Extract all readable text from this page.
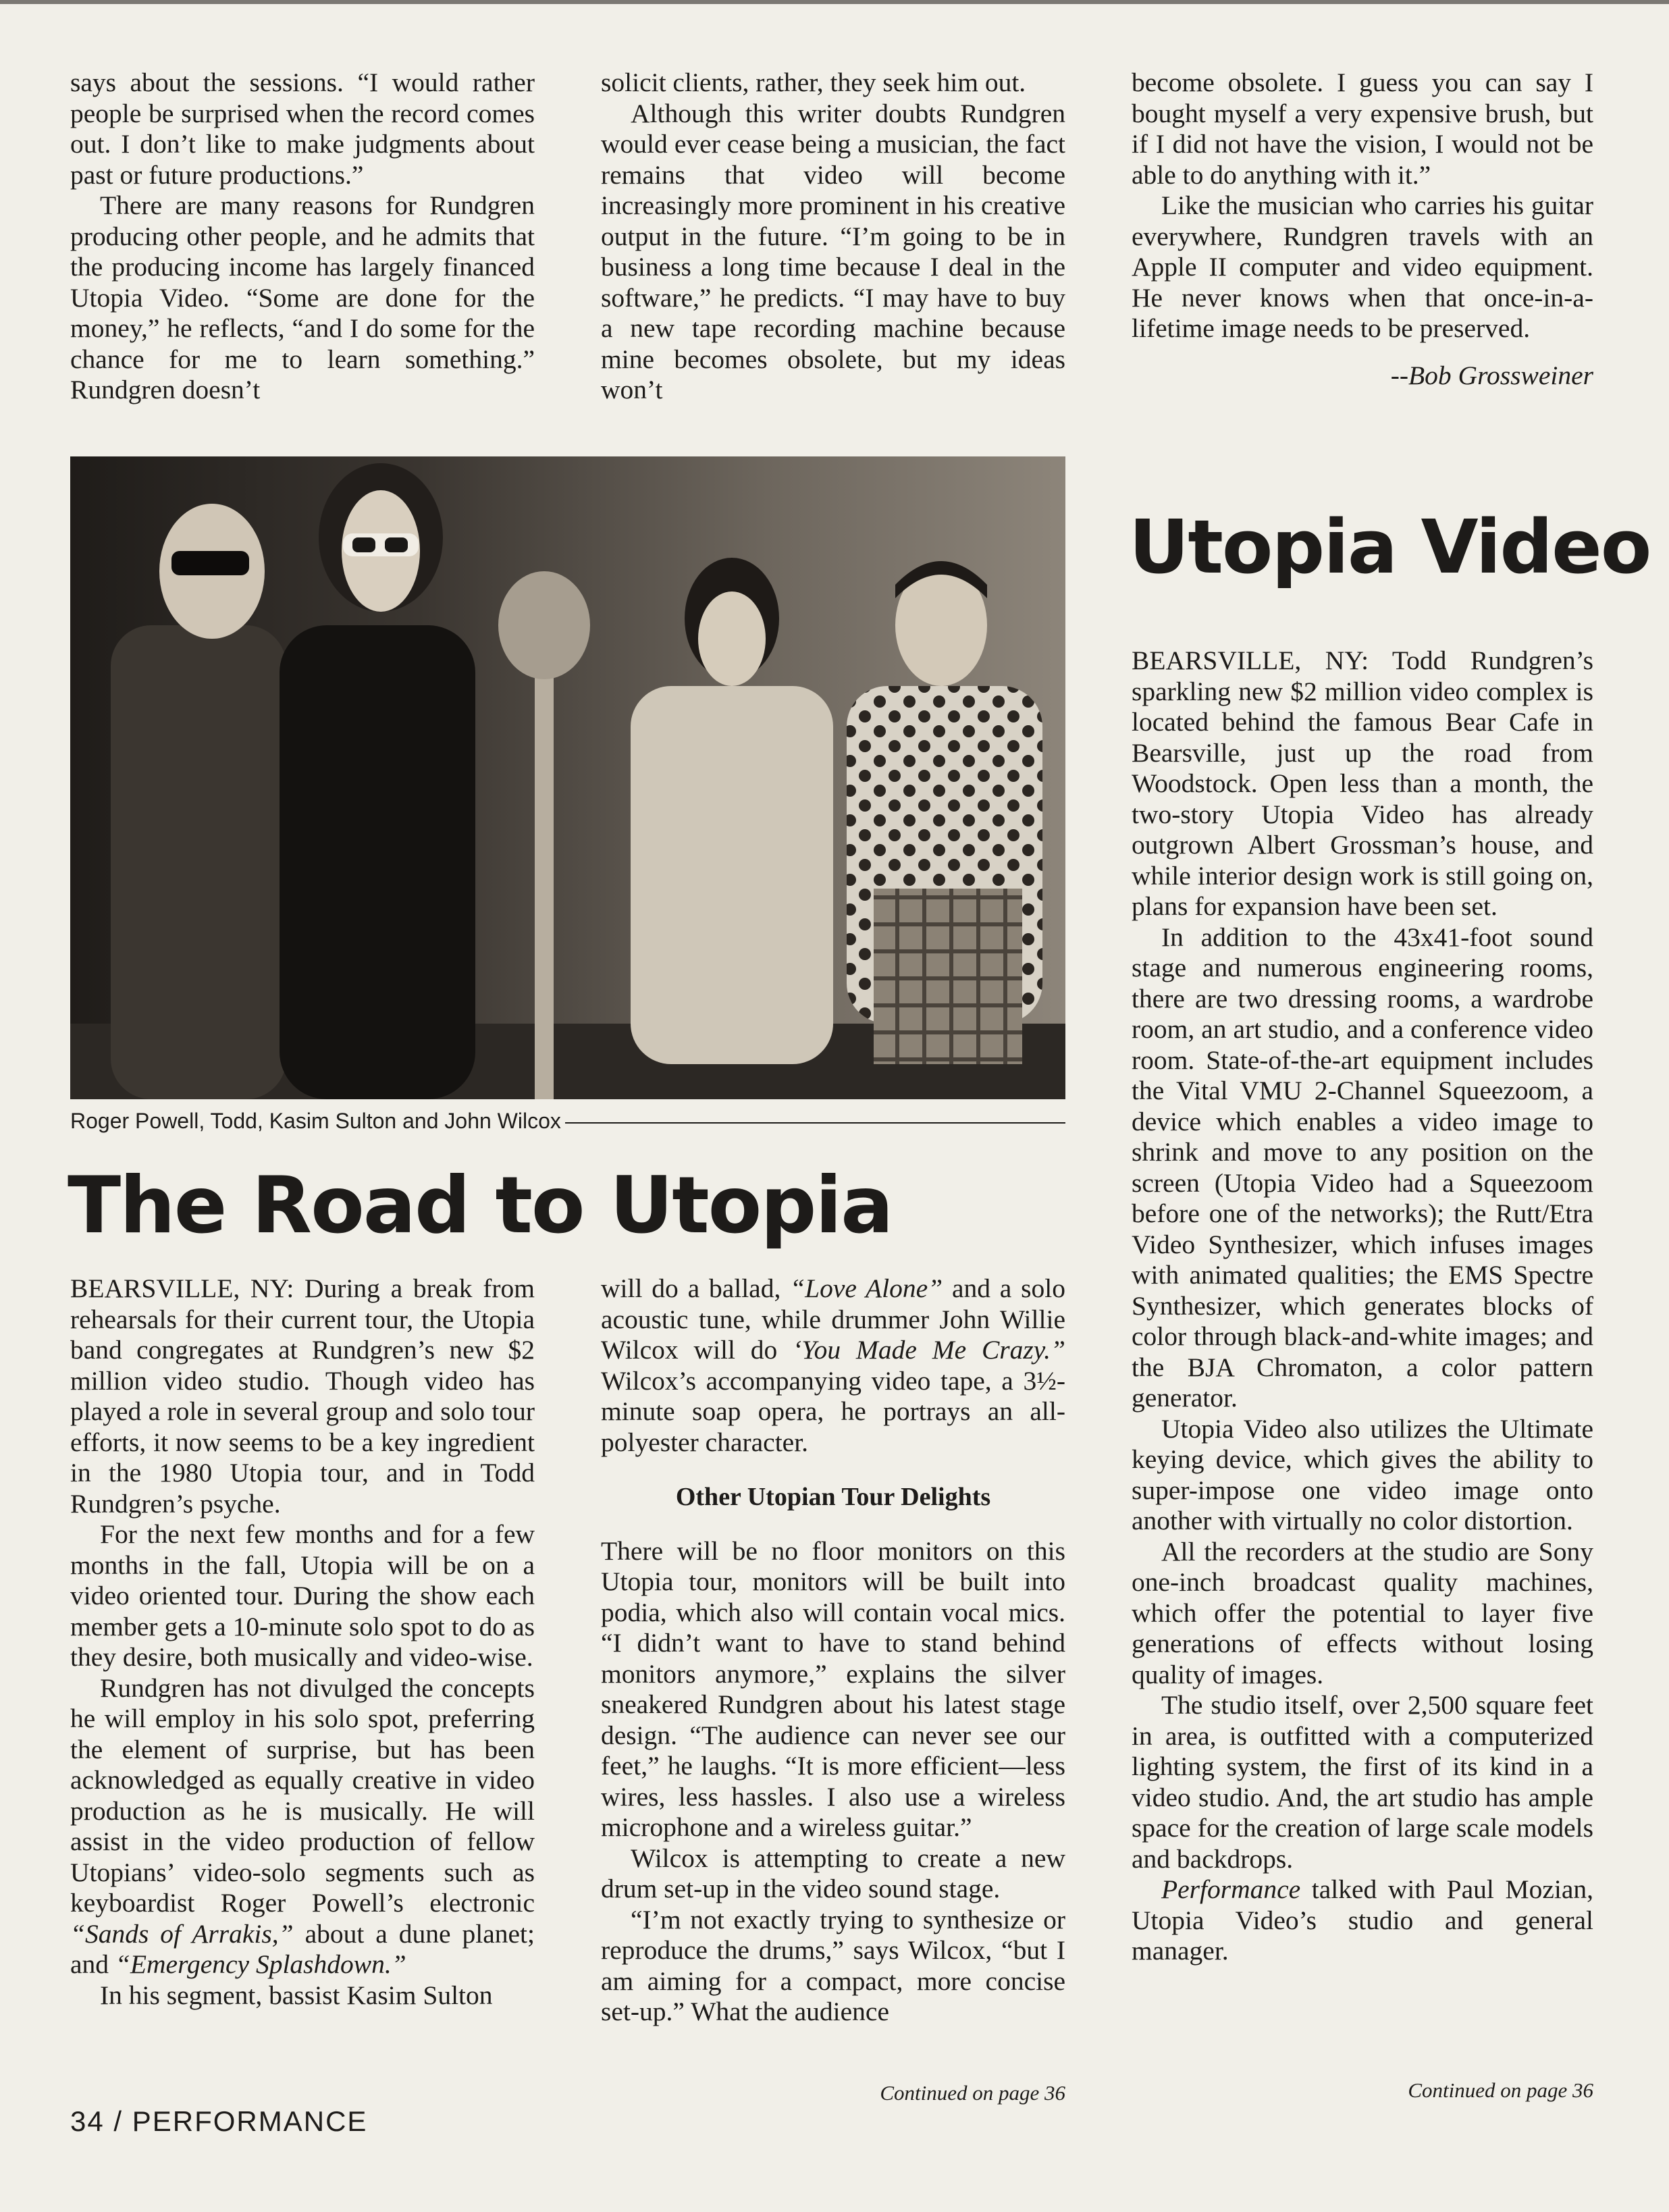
says about the sessions. “I would rather people be surprised when the record comes out. I don’t like to make judgments about past or future productions.”

There are many reasons for Rundgren producing other people, and he admits that the producing income has largely financed Utopia Video. “Some are done for the money,” he reflects, “and I do some for the chance for me to learn something.” Rundgren doesn’t

solicit clients, rather, they seek him out.

Although this writer doubts Rundgren would ever cease being a musician, the fact remains that video will become increasingly more prominent in his creative output in the future. “I’m going to be in business a long time because I deal in the software,” he predicts. “I may have to buy a new tape recording machine because mine becomes obsolete, but my ideas won’t

become obsolete. I guess you can say I bought myself a very expensive brush, but if I did not have the vision, I would not be able to do anything with it.”

Like the musician who carries his guitar everywhere, Rundgren travels with an Apple II computer and video equipment. He never knows when that once-in-a-lifetime image needs to be preserved.

--Bob Grossweiner

Roger Powell, Todd, Kasim Sulton and John Wilcox
The Road to Utopia
Utopia Video

BEARSVILLE, NY: During a break from rehearsals for their current tour, the Utopia band congregates at Rundgren’s new $2 million video studio. Though video has played a role in several group and solo tour efforts, it now seems to be a key ingredient in the 1980 Utopia tour, and in Todd Rundgren’s psyche.

For the next few months and for a few months in the fall, Utopia will be on a video oriented tour. During the show each member gets a 10-minute solo spot to do as they desire, both musically and video-wise.

Rundgren has not divulged the concepts he will employ in his solo spot, preferring the element of surprise, but has been acknowledged as equally creative in video production as he is musically. He will assist in the video production of fellow Utopians’ video-solo segments such as keyboardist Roger Powell’s electronic “Sands of Arrakis,” about a dune planet; and “Emergency Splashdown.”

In his segment, bassist Kasim Sulton

will do a ballad, “Love Alone” and a solo acoustic tune, while drummer John Willie Wilcox will do ‘You Made Me Crazy.” Wilcox’s accompanying video tape, a 3½-minute soap opera, he portrays an all-polyester character.

Other Utopian Tour Delights

There will be no floor monitors on this Utopia tour, monitors will be built into podia, which also will contain vocal mics. “I didn’t want to have to stand behind monitors anymore,” explains the silver sneakered Rundgren about his latest stage design. “The audience can never see our feet,” he laughs. “It is more efficient—less wires, less hassles. I also use a wireless microphone and a wireless guitar.”

Wilcox is attempting to create a new drum set-up in the video sound stage.

“I’m not exactly trying to synthesize or reproduce the drums,” says Wilcox, “but I am aiming for a compact, more concise set-up.” What the audience

Continued on page 36

BEARSVILLE, NY: Todd Rundgren’s sparkling new $2 million video complex is located behind the famous Bear Cafe in Bearsville, just up the road from Woodstock. Open less than a month, the two-story Utopia Video has already outgrown Albert Grossman’s house, and while interior design work is still going on, plans for expansion have been set.

In addition to the 43x41-foot sound stage and numerous engineering rooms, there are two dressing rooms, a wardrobe room, an art studio, and a conference video room. State-of-the-art equipment includes the Vital VMU 2-Channel Squeezoom, a device which enables a video image to shrink and move to any position on the screen (Utopia Video had a Squeezoom before one of the networks); the Rutt/Etra Video Synthesizer, which infuses images with animated qualities; the EMS Spectre Synthesizer, which generates blocks of color through black-and-white images; and the BJA Chromaton, a color pattern generator.

Utopia Video also utilizes the Ultimate keying device, which gives the ability to super-impose one video image onto another with virtually no color distortion.

All the recorders at the studio are Sony one-inch broadcast quality machines, which offer the potential to layer five generations of effects without losing quality of images.

The studio itself, over 2,500 square feet in area, is outfitted with a computerized lighting system, the first of its kind in a video studio. And, the art studio has ample space for the creation of large scale models and backdrops.

Performance talked with Paul Mozian, Utopia Video’s studio and general manager.

Continued on page 36
34 / PERFORMANCE
